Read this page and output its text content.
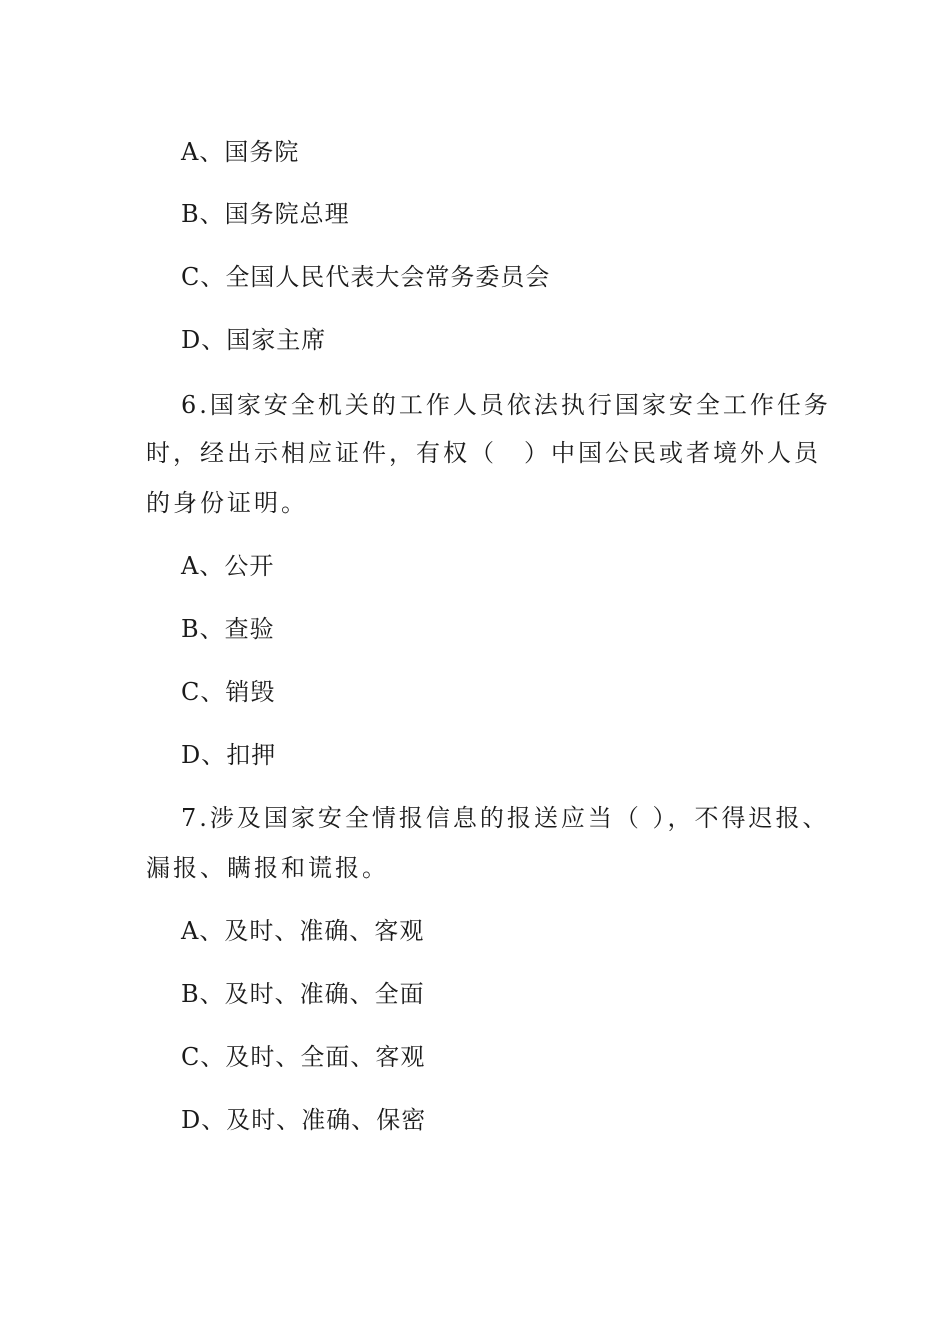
A、国务院
B、国务院总理
C、全国人民代表大会常务委员会
D、国家主席
6.国家安全机关的工作人员依法执行国家安全工作任务
时，经出示相应证件，有权（　）中国公民或者境外人员
的身份证明。
A、公开
B、查验
C、销毁
D、扣押
7.涉及国家安全情报信息的报送应当（ ），不得迟报、
漏报、瞒报和谎报。
A、及时、准确、客观
B、及时、准确、全面
C、及时、全面、客观
D、及时、准确、保密
